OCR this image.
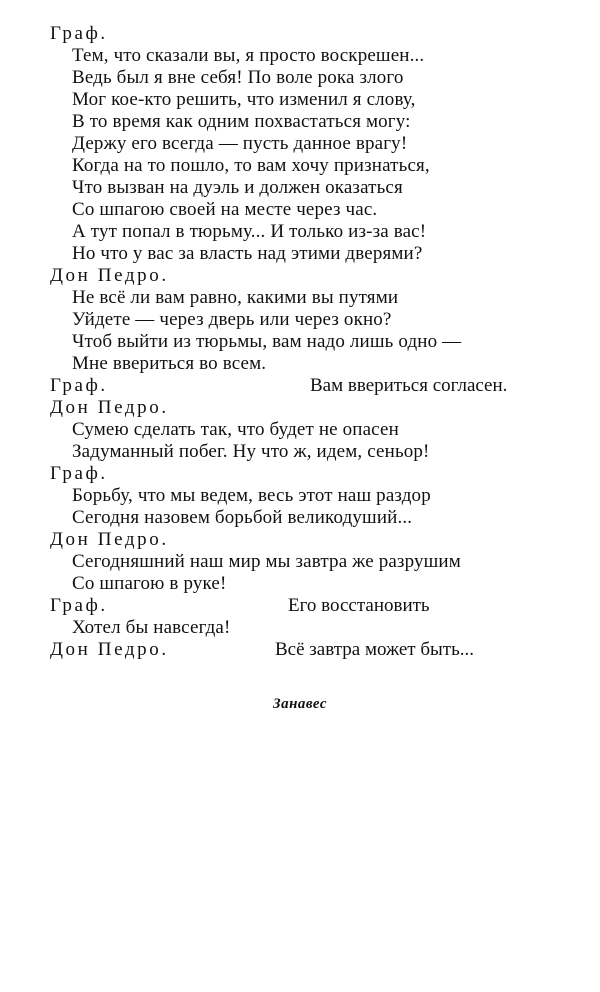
Граф.
Тем, что сказали вы, я просто воскрешен...
Ведь был я вне себя! По воле рока злого
Мог кое-кто решить, что изменил я слову,
В то время как одним похвастаться могу:
Держу его всегда — пусть данное врагу!
Когда на то пошло, то вам хочу признаться,
Что вызван на дуэль и должен оказаться
Со шпагою своей на месте через час.
А тут попал в тюрьму... И только из-за вас!
Но что у вас за власть над этими дверями?
Дон Педро.
Не всё ли вам равно, какими вы путями
Уйдете — через дверь или через окно?
Чтоб выйти из тюрьмы, вам надо лишь одно —
Мне ввериться во всем.
Граф.	Вам ввериться согласен.
Дон Педро.
Сумею сделать так, что будет не опасен
Задуманный побег. Ну что ж, идем, сеньор!
Граф.
Борьбу, что мы ведем, весь этот наш раздор
Сегодня назовем борьбой великодуший...
Дон Педро.
Сегодняшний наш мир мы завтра же разрушим
Со шпагою в руке!
Граф.	Его восстановить
Хотел бы навсегда!
Дон Педро.	Всё завтра может быть...
Занавес
